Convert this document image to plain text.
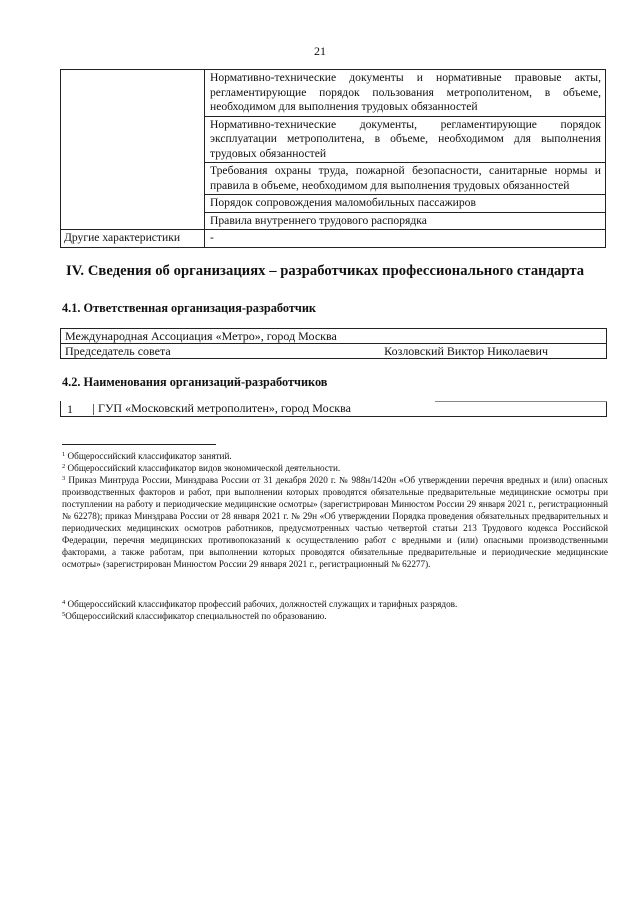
21
	Нормативно-технические документы и нормативные правовые акты, регламентирующие порядок пользования метрополитеном, в объеме, необходимом для выполнения трудовых обязанностей
	Нормативно-технические документы, регламентирующие порядок эксплуатации метрополитена, в объеме, необходимом для выполнения трудовых обязанностей
	Требования охраны труда, пожарной безопасности, санитарные нормы и правила в объеме, необходимом для выполнения трудовых обязанностей
	Порядок сопровождения маломобильных пассажиров
	Правила внутреннего трудового распорядка
Другие характеристики	-
IV. Сведения об организациях – разработчиках профессионального стандарта
4.1. Ответственная организация-разработчик
Международная Ассоциация «Метро», город Москва
Председатель совета	Козловский Виктор Николаевич
4.2. Наименования организаций-разработчиков
1 ГУП «Московский метрополитен», город Москва
$^1$ Общероссийский классификатор занятий.
$^2$ Общероссийский классификатор видов экономической деятельности.
$^3$ Приказ Минтруда России, Минздрава России от 31 декабря 2020 г. № 988н/1420н «Об утверждении перечня вредных и (или) опасных производственных факторов и работ, при выполнении которых проводятся обязательные предварительные медицинские осмотры при поступлении на работу и периодические медицинские осмотры» (зарегистрирован Минюстом России 29 января 2021 г., регистрационный № 62278); приказ Минздрава России от 28 января 2021 г. № 29н «Об утверждении Порядка проведения обязательных предварительных и периодических медицинских осмотров работников, предусмотренных частью четвертой статьи 213 Трудового кодекса Российской Федерации, перечня медицинских противопоказаний к осуществлению работ с вредными и (или) опасными производственными факторами, а также работам, при выполнении которых проводятся обязательные предварительные и периодические медицинские осмотры» (зарегистрирован Минюстом России 29 января 2021 г., регистрационный № 62277).
$^4$ Общероссийский классификатор профессий рабочих, должностей служащих и тарифных разрядов.
$^5$Общероссийский классификатор специальностей по образованию.
